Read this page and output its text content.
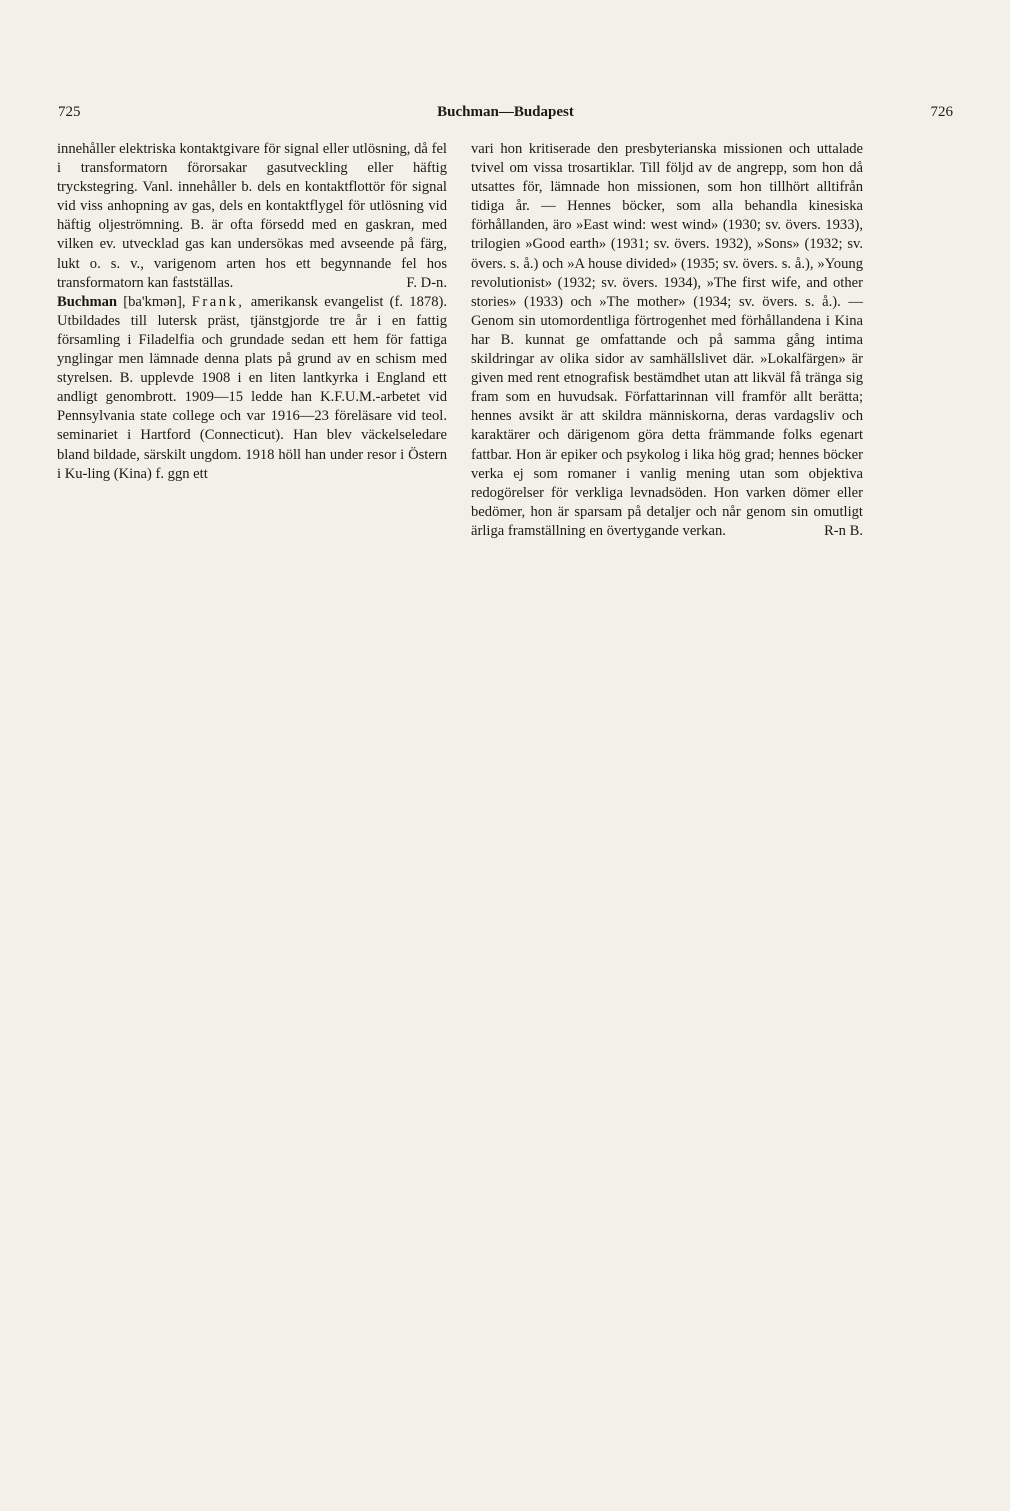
725	Buchman—Budapest	726

innehåller elektriska kontaktgivare för signal eller utlösning, då fel i transformatorn förorsakar gasutveckling eller häftig tryckstegring. Vanl. innehåller b. dels en kontaktflottör för signal vid viss anhopning av gas, dels en kontaktflygel för utlösning vid häftig oljeströmning. B. är ofta försedd med en gaskran, med vilken ev. utvecklad gas kan undersökas med avseende på färg, lukt o. s. v., varigenom arten hos ett begynnande fel hos transformatorn kan fastställas.	F. D-n.

Buchman [ba'kmən], Frank, amerikansk evangelist (f. 1878). Utbildades till lutersk präst, tjänstgjorde tre år i en fattig församling i Filadelfia och grundade sedan ett hem för fattiga ynglingar men lämnade denna plats på grund av en schism med styrelsen. B. upplevde 1908 i en liten lantkyrka i England ett andligt genombrott. 1909—15 ledde han K.F.U.M.-arbetet vid Pennsylvania state college och var 1916—23 föreläsare vid teol. seminariet i Hartford (Connecticut). Han blev väckelseledare bland bildade, särskilt ungdom. 1918 höll han under resor i Östern i Ku-ling (Kina) f. ggn ett

vari hon kritiserade den presbyterianska missionen och uttalade tvivel om vissa trosartiklar. Till följd av de angrepp, som hon då utsattes för, lämnade hon missionen, som hon tillhört alltifrån tidiga år. — Hennes böcker, som alla behandla kinesiska förhållanden, äro »East wind: west wind» (1930; sv. övers. 1933), trilogien »Good earth» (1931; sv. övers. 1932), »Sons» (1932; sv. övers. s. å.) och »A house divided» (1935; sv. övers. s. å.), »Young revolutionist» (1932; sv. övers. 1934), »The first wife, and other stories» (1933) och »The mother» (1934; sv. övers. s. å.). — Genom sin utomordentliga förtrogenhet med förhållandena i Kina har B. kunnat ge omfattande och på samma gång intima skildringar av olika sidor av samhällslivet där. »Lokalfärgen» är given med rent etnografisk bestämdhet utan att likväl få tränga sig fram som en huvudsak. Författarinnan vill framför allt berätta; hennes avsikt är att skildra människorna, deras vardagsliv och karaktärer och därigenom göra detta främmande folks egenart fattbar. Hon är epiker och psykolog i lika hög grad; hennes böcker verka ej som romaner i vanlig mening utan som objektiva redogörelser för verkliga levnadsöden. Hon varken dömer eller bedömer, hon är sparsam på detaljer och når genom sin omutligt ärliga framställning en övertygande verkan.	R-n B.
